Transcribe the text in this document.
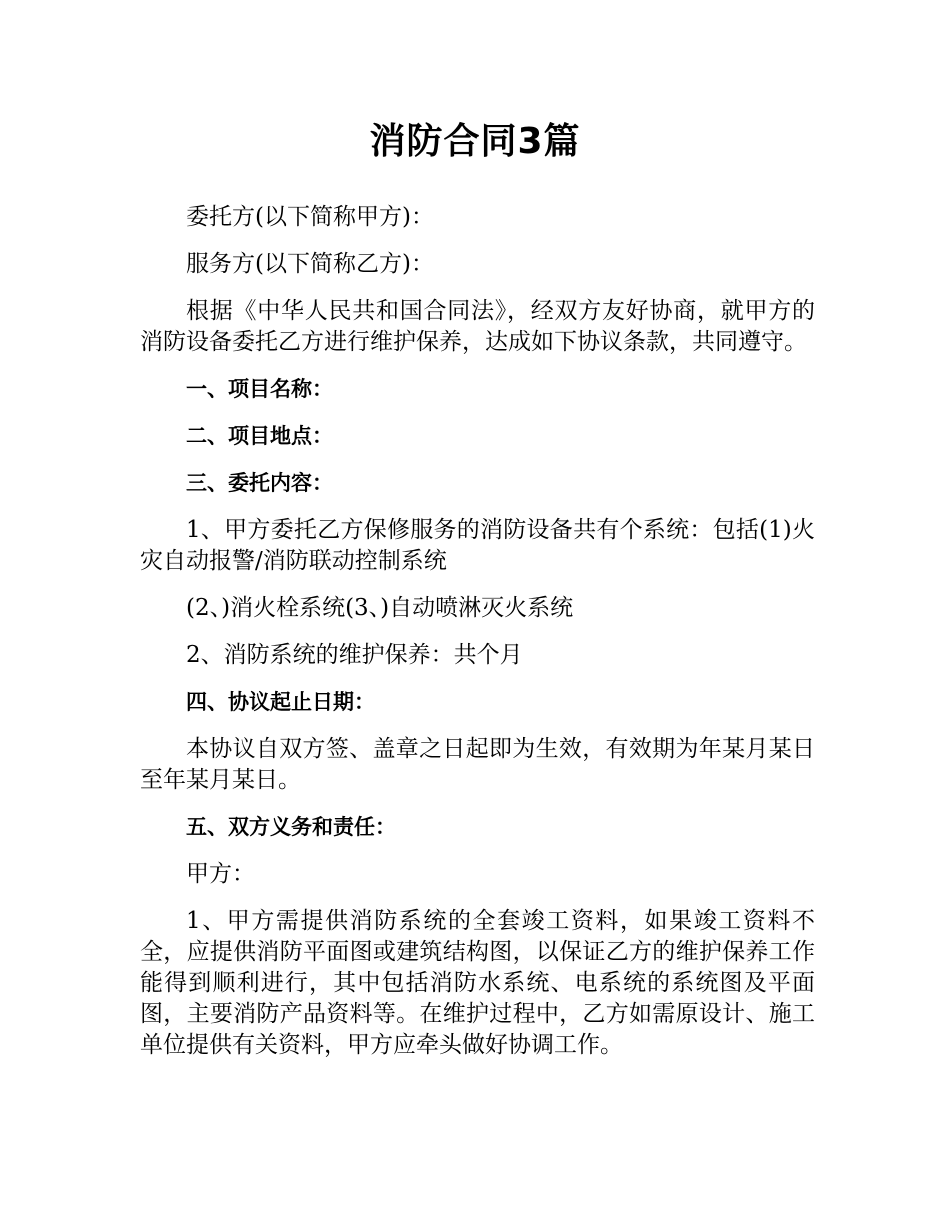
消防合同3篇

委托方(以下简称甲方)：

服务方(以下简称乙方)：

根据《中华人民共和国合同法》，经双方友好协商，就甲方的消防设备委托乙方进行维护保养，达成如下协议条款，共同遵守。

一、项目名称：

二、项目地点：

三、委托内容：

1、甲方委托乙方保修服务的消防设备共有个系统：包括(1)火灾自动报警/消防联动控制系统

(2、)消火栓系统(3、)自动喷淋灭火系统

2、消防系统的维护保养：共个月

四、协议起止日期：

本协议自双方签、盖章之日起即为生效，有效期为年某月某日至年某月某日。

五、双方义务和责任：

甲方：

1、甲方需提供消防系统的全套竣工资料，如果竣工资料不全，应提供消防平面图或建筑结构图，以保证乙方的维护保养工作能得到顺利进行，其中包括消防水系统、电系统的系统图及平面图，主要消防产品资料等。在维护过程中，乙方如需原设计、施工单位提供有关资料，甲方应牵头做好协调工作。
